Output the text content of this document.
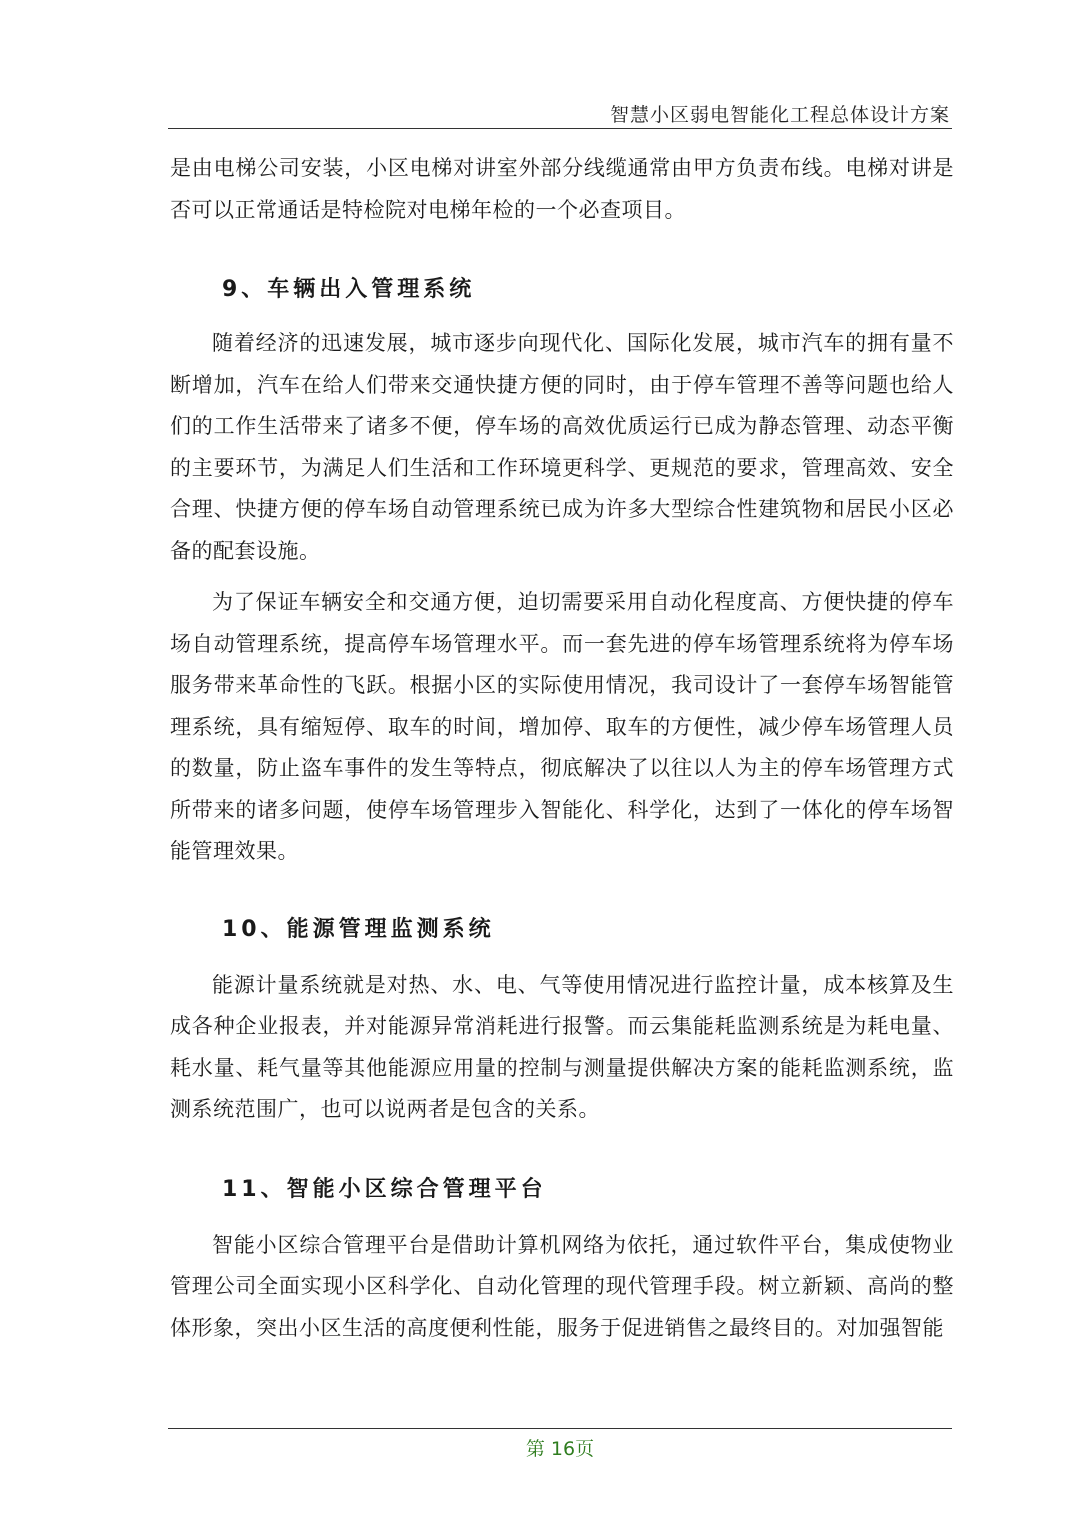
智慧小区弱电智能化工程总体设计方案

是由电梯公司安装，小区电梯对讲室外部分线缆通常由甲方负责布线。电梯对讲是否可以正常通话是特检院对电梯年检的一个必查项目。

9、车辆出入管理系统

随着经济的迅速发展，城市逐步向现代化、国际化发展，城市汽车的拥有量不断增加，汽车在给人们带来交通快捷方便的同时，由于停车管理不善等问题也给人们的工作生活带来了诸多不便，停车场的高效优质运行已成为静态管理、动态平衡的主要环节，为满足人们生活和工作环境更科学、更规范的要求，管理高效、安全合理、快捷方便的停车场自动管理系统已成为许多大型综合性建筑物和居民小区必备的配套设施。

为了保证车辆安全和交通方便，迫切需要采用自动化程度高、方便快捷的停车场自动管理系统，提高停车场管理水平。而一套先进的停车场管理系统将为停车场服务带来革命性的飞跃。根据小区的实际使用情况，我司设计了一套停车场智能管理系统，具有缩短停、取车的时间，增加停、取车的方便性，减少停车场管理人员的数量，防止盗车事件的发生等特点，彻底解决了以往以人为主的停车场管理方式所带来的诸多问题，使停车场管理步入智能化、科学化，达到了一体化的停车场智能管理效果。

10、能源管理监测系统

能源计量系统就是对热、水、电、气等使用情况进行监控计量，成本核算及生成各种企业报表，并对能源异常消耗进行报警。而云集能耗监测系统是为耗电量、耗水量、耗气量等其他能源应用量的控制与测量提供解决方案的能耗监测系统，监测系统范围广，也可以说两者是包含的关系。

11、智能小区综合管理平台

智能小区综合管理平台是借助计算机网络为依托，通过软件平台，集成使物业管理公司全面实现小区科学化、自动化管理的现代管理手段。树立新颖、高尚的整体形象，突出小区生活的高度便利性能，服务于促进销售之最终目的。对加强智能

第 16页
